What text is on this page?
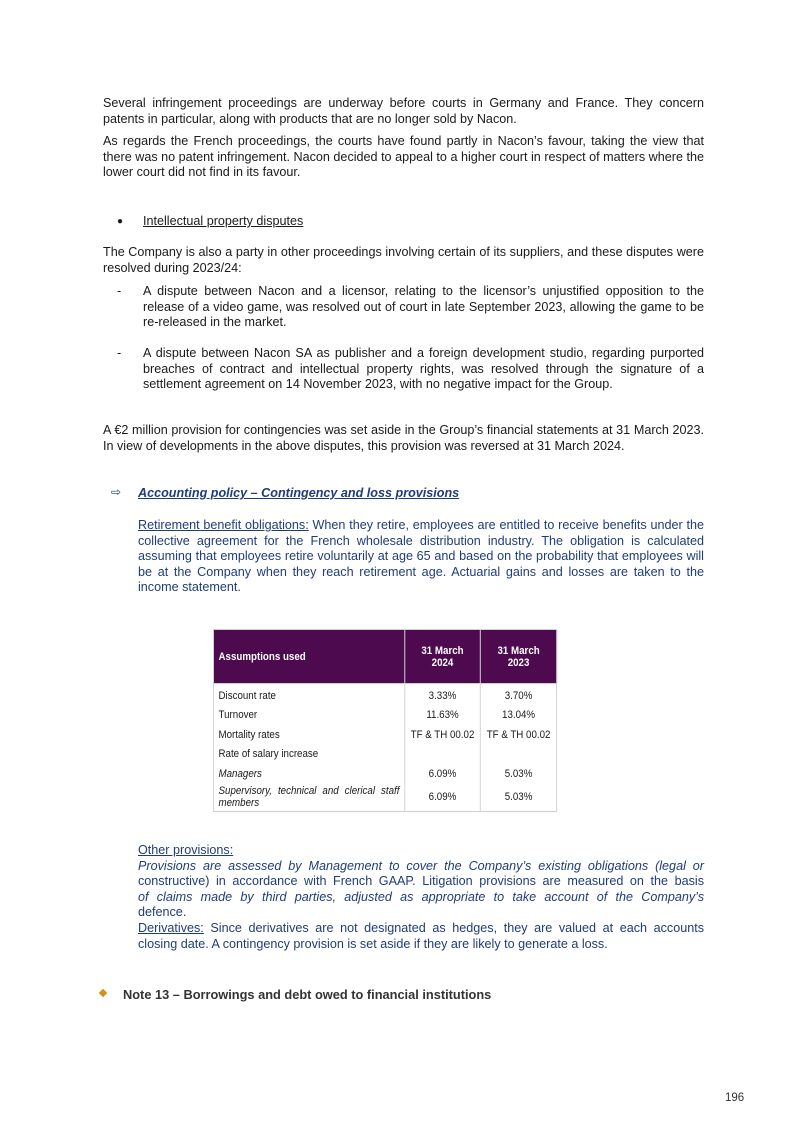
Several infringement proceedings are underway before courts in Germany and France. They concern patents in particular, along with products that are no longer sold by Nacon.
As regards the French proceedings, the courts have found partly in Nacon’s favour, taking the view that there was no patent infringement. Nacon decided to appeal to a higher court in respect of matters where the lower court did not find in its favour.
● Intellectual property disputes
The Company is also a party in other proceedings involving certain of its suppliers, and these disputes were resolved during 2023/24:
- A dispute between Nacon and a licensor, relating to the licensor’s unjustified opposition to the release of a video game, was resolved out of court in late September 2023, allowing the game to be re-released in the market.
- A dispute between Nacon SA as publisher and a foreign development studio, regarding purported breaches of contract and intellectual property rights, was resolved through the signature of a settlement agreement on 14 November 2023, with no negative impact for the Group.
A €2 million provision for contingencies was set aside in the Group’s financial statements at 31 March 2023. In view of developments in the above disputes, this provision was reversed at 31 March 2024.
⇨ Accounting policy – Contingency and loss provisions
Retirement benefit obligations: When they retire, employees are entitled to receive benefits under the collective agreement for the French wholesale distribution industry. The obligation is calculated assuming that employees retire voluntarily at age 65 and based on the probability that employees will be at the Company when they reach retirement age. Actuarial gains and losses are taken to the income statement.
Assumptions used	31 March 2024	31 March 2023
Discount rate	3.33%	3.70%
Turnover	11.63%	13.04%
Mortality rates	TF & TH 00.02	TF & TH 00.02
Rate of salary increase		
Managers	6.09%	5.03%
Supervisory, technical and clerical staff members	6.09%	5.03%
Other provisions:
Provisions are assessed by Management to cover the Company’s existing obligations (legal or
constructive) in accordance with French GAAP. Litigation provisions are measured on the basis
of claims made by third parties, adjusted as appropriate to take account of the Company’s
defence.
Derivatives: Since derivatives are not designated as hedges, they are valued at each accounts closing date. A contingency provision is set aside if they are likely to generate a loss.
Note 13 – Borrowings and debt owed to financial institutions
196
